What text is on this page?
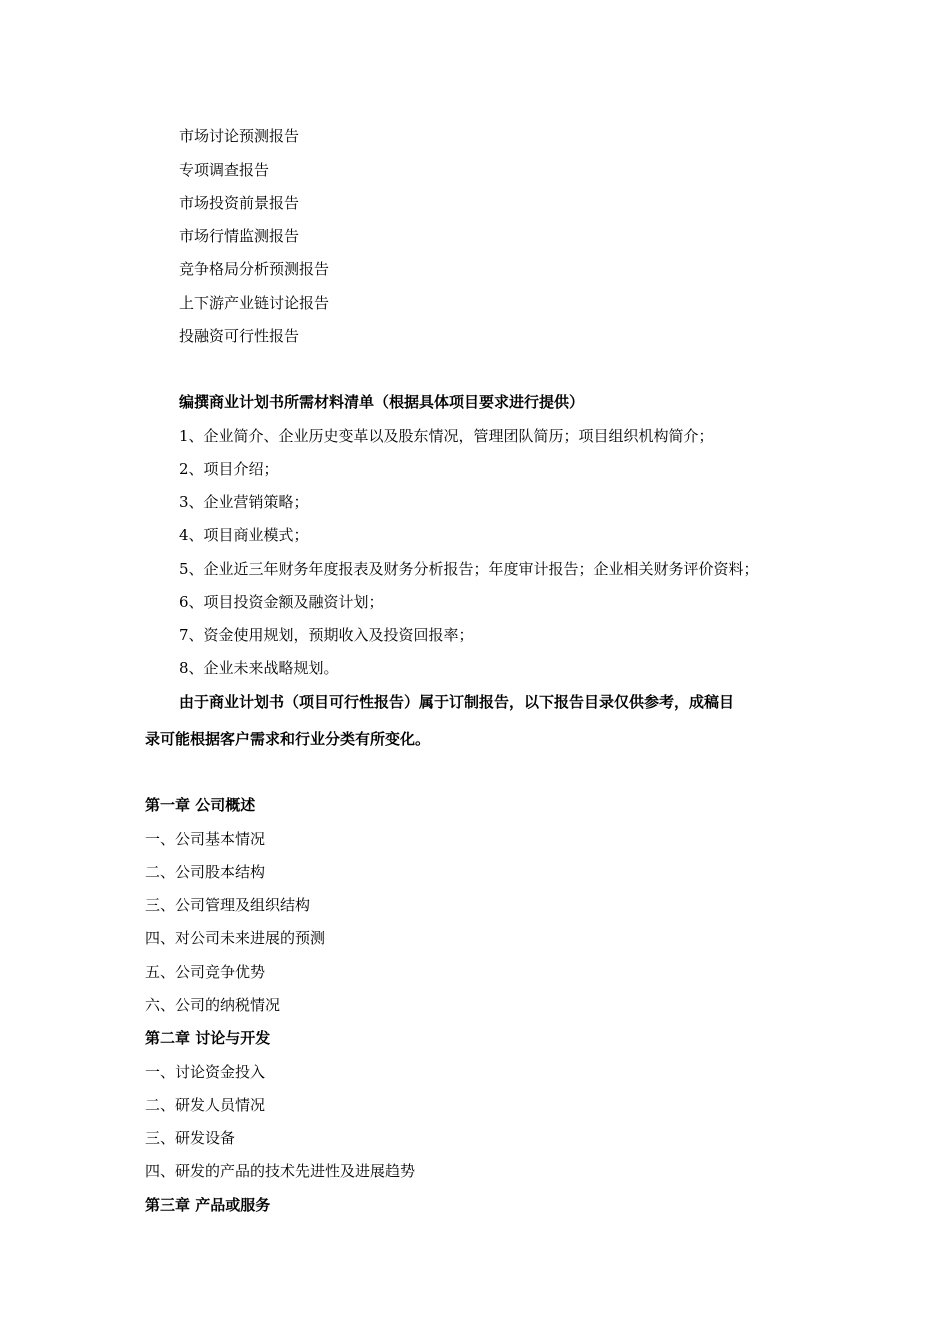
市场讨论预测报告
专项调查报告
市场投资前景报告
市场行情监测报告
竞争格局分析预测报告
上下游产业链讨论报告
投融资可行性报告
编撰商业计划书所需材料清单（根据具体项目要求进行提供）
1、企业简介、企业历史变革以及股东情况，管理团队简历；项目组织机构简介；
2、项目介绍；
3、企业营销策略；
4、项目商业模式；
5、企业近三年财务年度报表及财务分析报告；年度审计报告；企业相关财务评价资料；
6、项目投资金额及融资计划；
7、资金使用规划，预期收入及投资回报率；
8、企业未来战略规划。
由于商业计划书（项目可行性报告）属于订制报告，以下报告目录仅供参考，成稿目
录可能根据客户需求和行业分类有所变化。
第一章 公司概述
一、公司基本情况
二、公司股本结构
三、公司管理及组织结构
四、对公司未来进展的预测
五、公司竞争优势
六、公司的纳税情况
第二章 讨论与开发
一、讨论资金投入
二、研发人员情况
三、研发设备
四、研发的产品的技术先进性及进展趋势
第三章 产品或服务
